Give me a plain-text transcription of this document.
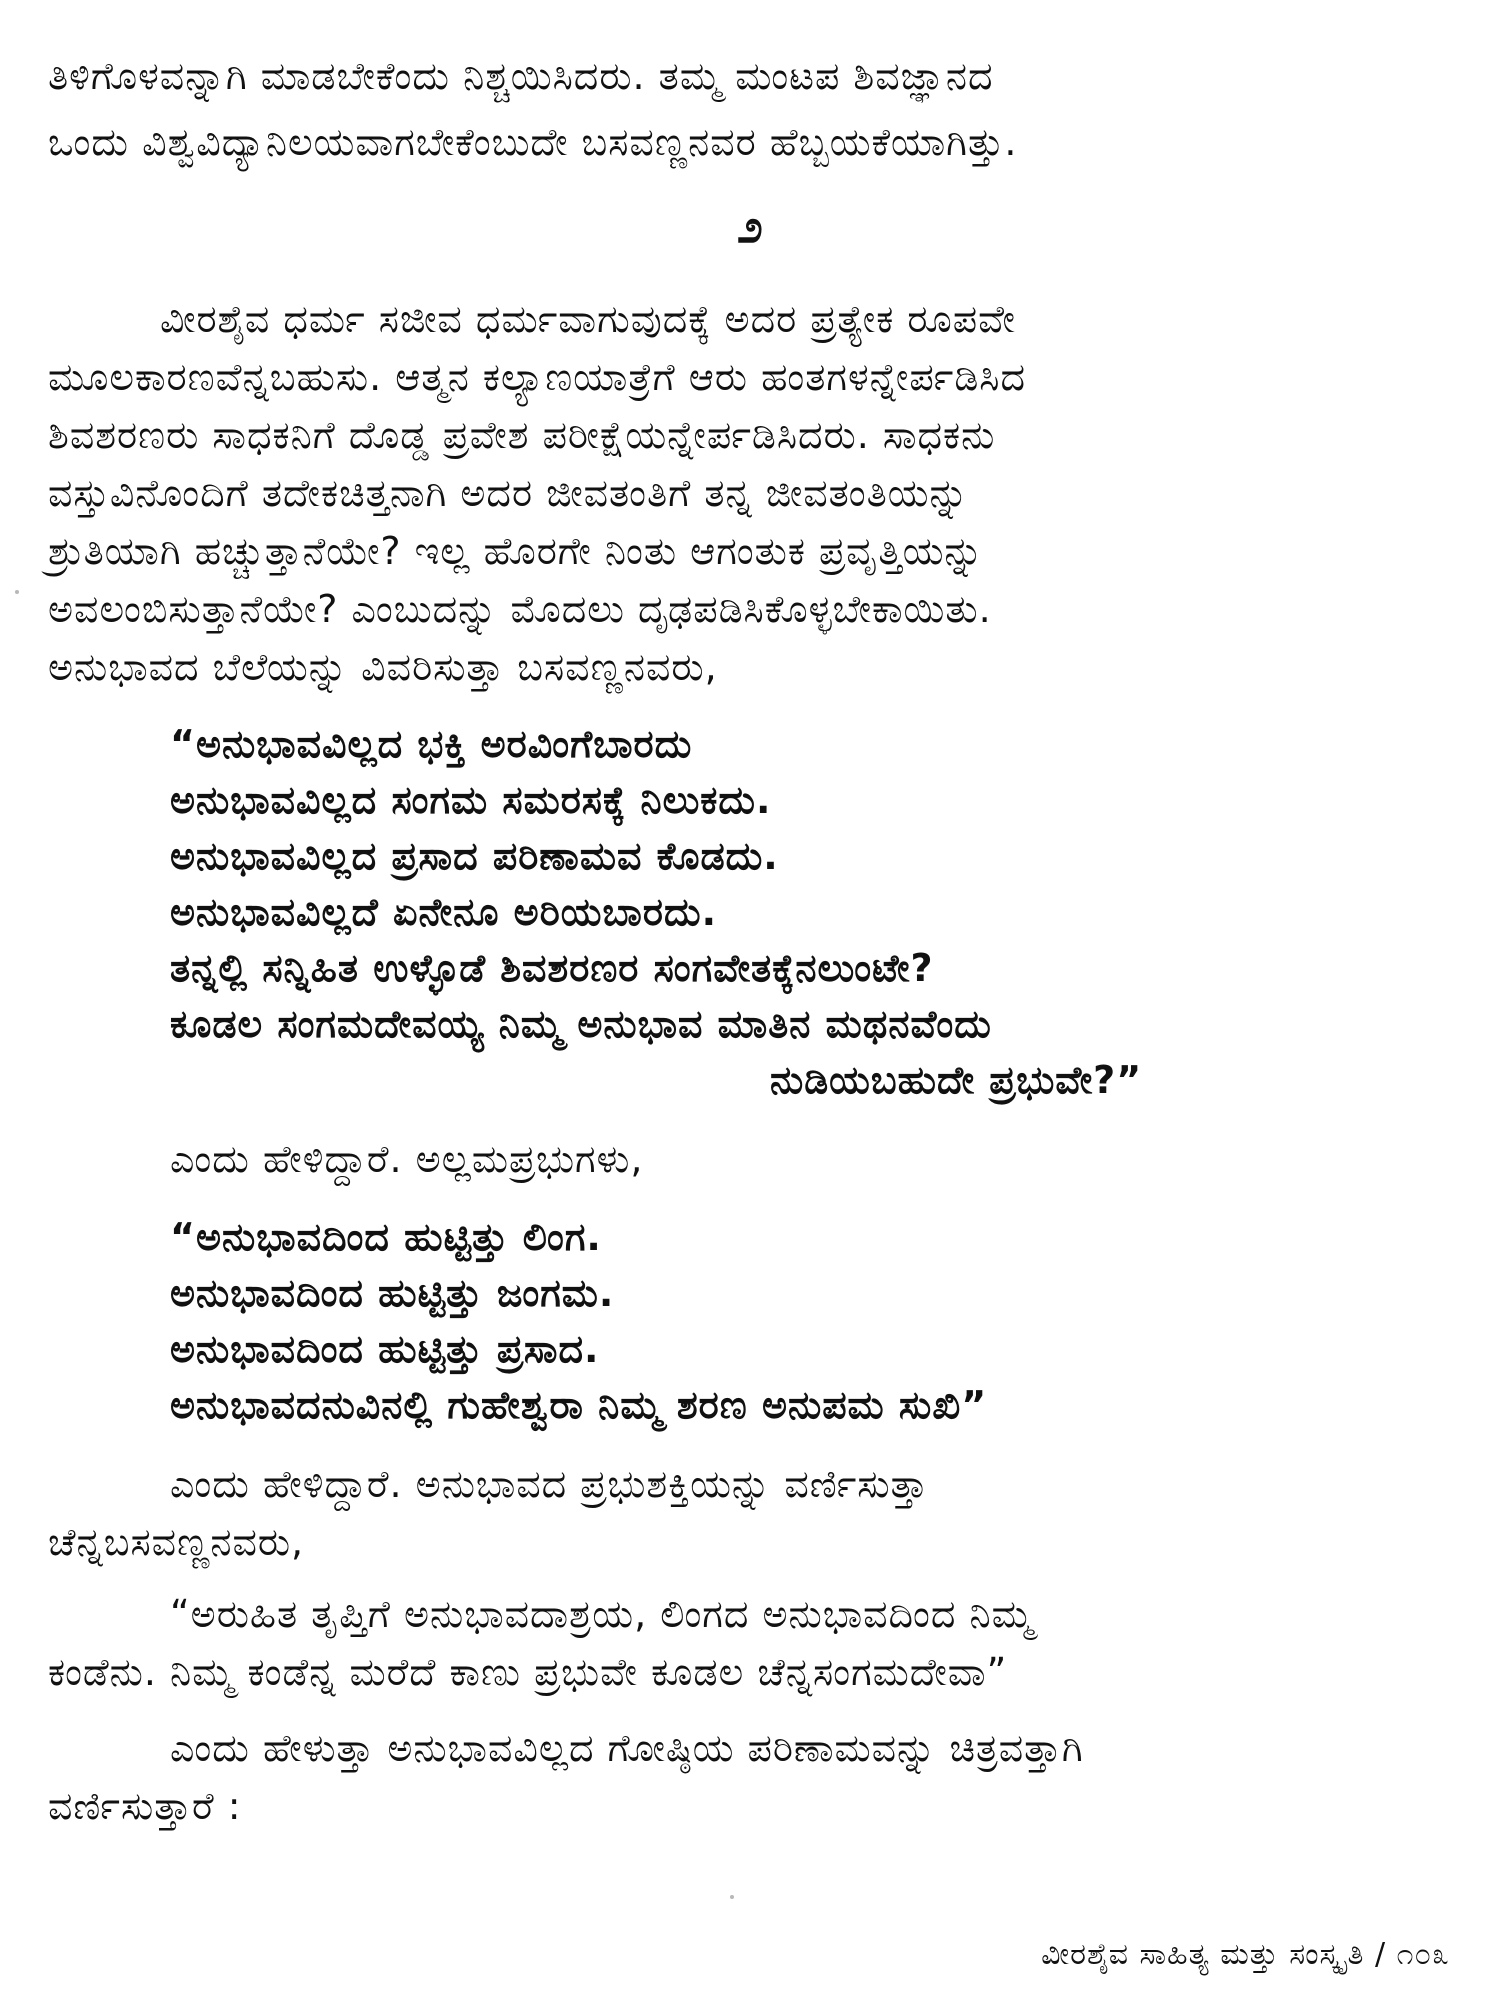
ತಿಳಿಗೊಳವನ್ನಾಗಿ ಮಾಡಬೇಕೆಂದು ನಿಶ್ಚಯಿಸಿದರು. ತಮ್ಮ ಮಂಟಪ ಶಿವಜ್ಞಾನದ
ಒಂದು ವಿಶ್ವವಿದ್ಯಾನಿಲಯವಾಗಬೇಕೆಂಬುದೇ ಬಸವಣ್ಣನವರ ಹೆಬ್ಬಯಕೆಯಾಗಿತ್ತು.
೨
ವೀರಶೈವ ಧರ್ಮ ಸಜೀವ ಧರ್ಮವಾಗುವುದಕ್ಕೆ ಅದರ ಪ್ರತ್ಯೇಕ ರೂಪವೇ
ಮೂಲಕಾರಣವೆನ್ನಬಹುಸು. ಆತ್ಮನ ಕಲ್ಯಾಣಯಾತ್ರೆಗೆ ಆರು ಹಂತಗಳನ್ನೇರ್ಪಡಿಸಿದ
ಶಿವಶರಣರು ಸಾಧಕನಿಗೆ ದೊಡ್ಡ ಪ್ರವೇಶ ಪರೀಕ್ಷೆಯನ್ನೇರ್ಪಡಿಸಿದರು. ಸಾಧಕನು
ವಸ್ತುವಿನೊಂದಿಗೆ ತದೇಕಚಿತ್ತನಾಗಿ ಅದರ ಜೀವತಂತಿಗೆ ತನ್ನ ಜೀವತಂತಿಯನ್ನು
ಶ್ರುತಿಯಾಗಿ ಹಚ್ಚುತ್ತಾನೆಯೇ? ಇಲ್ಲ ಹೊರಗೇ ನಿಂತು ಆಗಂತುಕ ಪ್ರವೃತ್ತಿಯನ್ನು
ಅವಲಂಬಿಸುತ್ತಾನೆಯೇ? ಎಂಬುದನ್ನು ಮೊದಲು ದೃಢಪಡಿಸಿಕೊಳ್ಳಬೇಕಾಯಿತು.
ಅನುಭಾವದ ಬೆಲೆಯನ್ನು ವಿವರಿಸುತ್ತಾ ಬಸವಣ್ಣನವರು,
“ಅನುಭಾವವಿಲ್ಲದ ಭಕ್ತಿ ಅರವಿಂಗೆಬಾರದು
ಅನುಭಾವವಿಲ್ಲದ ಸಂಗಮ ಸಮರಸಕ್ಕೆ ನಿಲುಕದು.
ಅನುಭಾವವಿಲ್ಲದ ಪ್ರಸಾದ ಪರಿಣಾಮವ ಕೊಡದು.
ಅನುಭಾವವಿಲ್ಲದೆ ಏನೇನೂ ಅರಿಯಬಾರದು.
ತನ್ನಲ್ಲಿ ಸನ್ನಿಹಿತ ಉಳ್ಳೊಡೆ ಶಿವಶರಣರ ಸಂಗವೇತಕ್ಕೆನಲುಂಟೇ?
ಕೂಡಲ ಸಂಗಮದೇವಯ್ಯ ನಿಮ್ಮ ಅನುಭಾವ ಮಾತಿನ ಮಥನವೆಂದು
ನುಡಿಯಬಹುದೇ ಪ್ರಭುವೇ?”
ಎಂದು ಹೇಳಿದ್ದಾರೆ. ಅಲ್ಲಮಪ್ರಭುಗಳು,
“ಅನುಭಾವದಿಂದ ಹುಟ್ಟಿತ್ತು ಲಿಂಗ.
ಅನುಭಾವದಿಂದ ಹುಟ್ಟಿತ್ತು ಜಂಗಮ.
ಅನುಭಾವದಿಂದ ಹುಟ್ಟಿತ್ತು ಪ್ರಸಾದ.
ಅನುಭಾವದನುವಿನಲ್ಲಿ ಗುಹೇಶ್ವರಾ ನಿಮ್ಮ ಶರಣ ಅನುಪಮ ಸುಖಿ”
ಎಂದು ಹೇಳಿದ್ದಾರೆ. ಅನುಭಾವದ ಪ್ರಭುಶಕ್ತಿಯನ್ನು ವರ್ಣಿಸುತ್ತಾ
ಚೆನ್ನಬಸವಣ್ಣನವರು,
“ಅರುಹಿತ ತೃಪ್ತಿಗೆ ಅನುಭಾವದಾಶ್ರಯ, ಲಿಂಗದ ಅನುಭಾವದಿಂದ ನಿಮ್ಮ
ಕಂಡೆನು. ನಿಮ್ಮ ಕಂಡೆನ್ನ ಮರೆದೆ ಕಾಣು ಪ್ರಭುವೇ ಕೂಡಲ ಚೆನ್ನಸಂಗಮದೇವಾ”
ಎಂದು ಹೇಳುತ್ತಾ ಅನುಭಾವವಿಲ್ಲದ ಗೋಷ್ಠಿಯ ಪರಿಣಾಮವನ್ನು ಚಿತ್ರವತ್ತಾಗಿ
ವರ್ಣಿಸುತ್ತಾರೆ :
ವೀರಶೈವ ಸಾಹಿತ್ಯ ಮತ್ತು ಸಂಸ್ಕೃತಿ / ೧೦೩
